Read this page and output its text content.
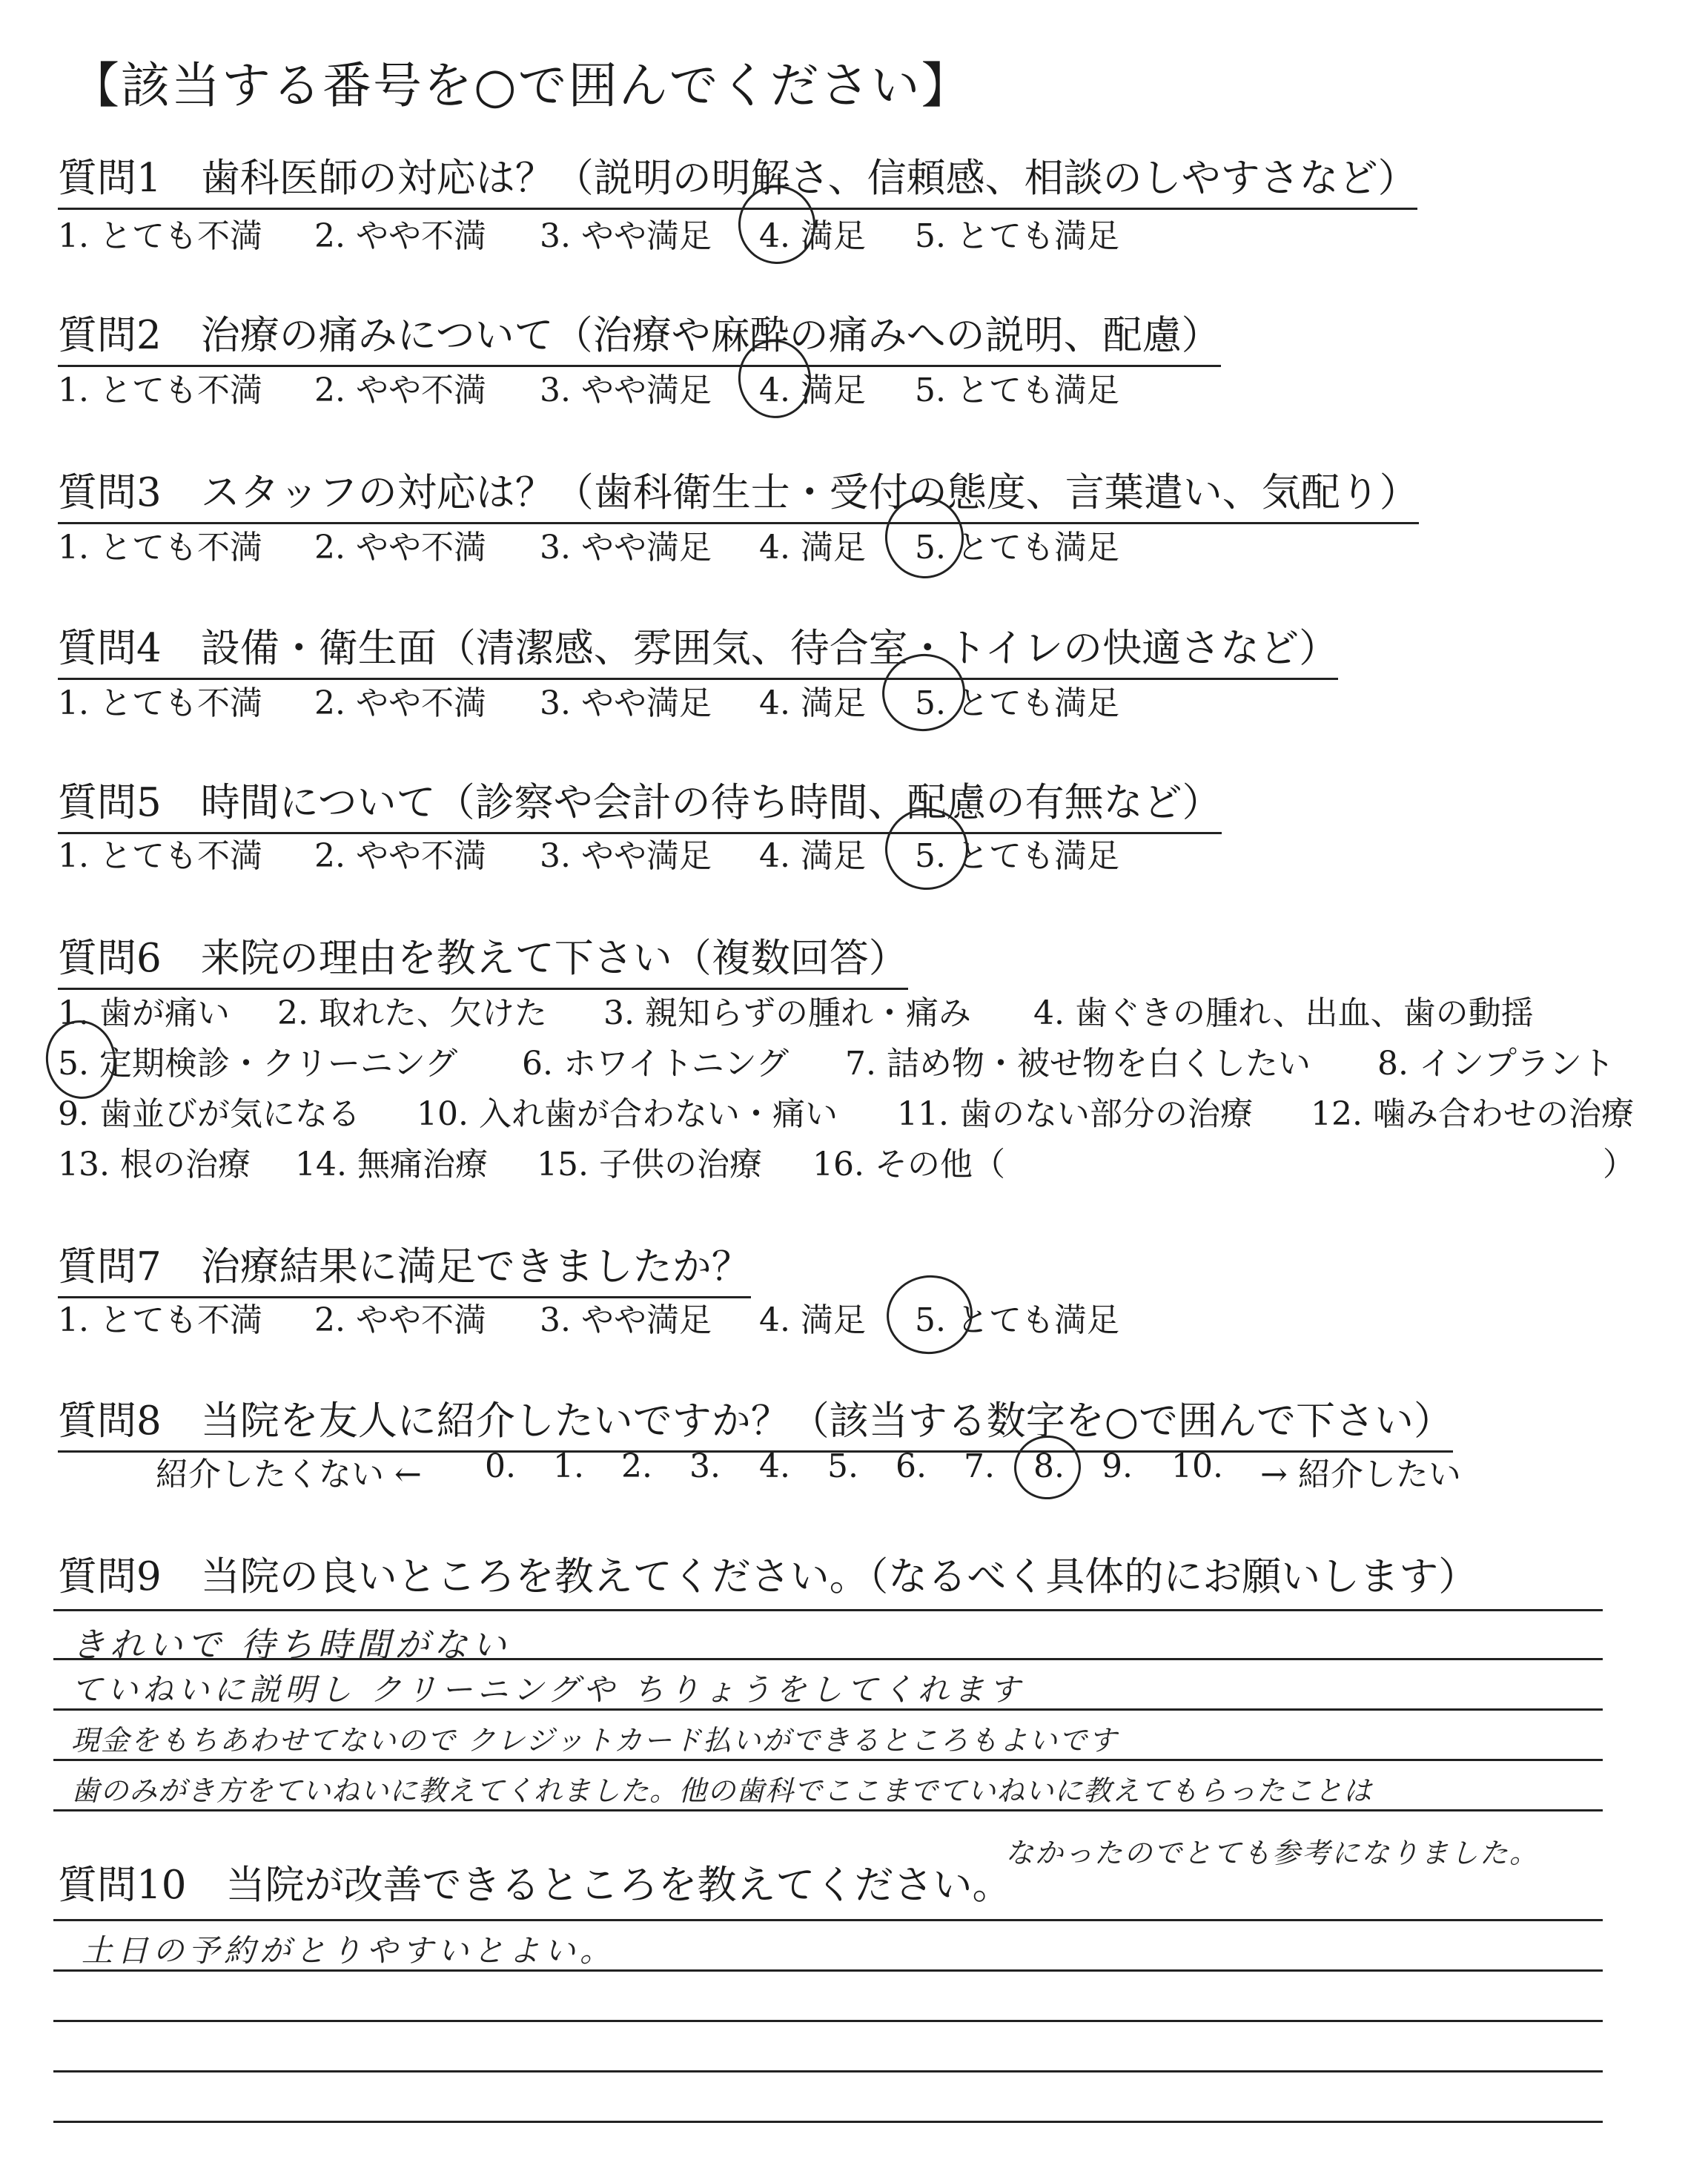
【該当する番号を○で囲んでください】
質問1　歯科医師の対応は？（説明の明解さ、信頼感、相談のしやすさなど）
1. とても不満 2. やや不満 3. やや満足 4. 満足 5. とても満足
質問2　治療の痛みについて（治療や麻酔の痛みへの説明、配慮）
1. とても不満 2. やや不満 3. やや満足 4. 満足 5. とても満足
質問3　スタッフの対応は？（歯科衛生士・受付の態度、言葉遣い、気配り）
1. とても不満 2. やや不満 3. やや満足 4. 満足 5. とても満足
質問4　設備・衛生面（清潔感、雰囲気、待合室・トイレの快適さなど）
1. とても不満 2. やや不満 3. やや満足 4. 満足 5. とても満足
質問5　時間について（診察や会計の待ち時間、配慮の有無など）
1. とても不満 2. やや不満 3. やや満足 4. 満足 5. とても満足
質問6　来院の理由を教えて下さい（複数回答）
1. 歯が痛い 2. 取れた、欠けた 3. 親知らずの腫れ・痛み 4. 歯ぐきの腫れ、出血、歯の動揺
5. 定期検診・クリーニング 6. ホワイトニング 7. 詰め物・被せ物を白くしたい 8. インプラント
9. 歯並びが気になる 10. 入れ歯が合わない・痛い 11. 歯のない部分の治療 12. 噛み合わせの治療
13. 根の治療 14. 無痛治療 15. 子供の治療 16. その他（	）
質問7　治療結果に満足できましたか？
1. とても不満 2. やや不満 3. やや満足 4. 満足 5. とても満足
質問8　当院を友人に紹介したいですか？（該当する数字を○で囲んで下さい）
紹介したくない ← 0. 1. 2. 3. 4. 5. 6. 7. 8. 9. 10. → 紹介したい
質問9　当院の良いところを教えてください。（なるべく具体的にお願いします）
きれいで 待ち時間がない
ていねいに説明し クリーニングや ちりょうをしてくれます
現金をもちあわせてないので クレジットカード払いができるところもよいです
歯のみがき方をていねいに教えてくれました。他の歯科でここまでていねいに教えてもらったことは
なかったのでとても参考になりました。
質問10　当院が改善できるところを教えてください。
土日の予約がとりやすいとよい。
